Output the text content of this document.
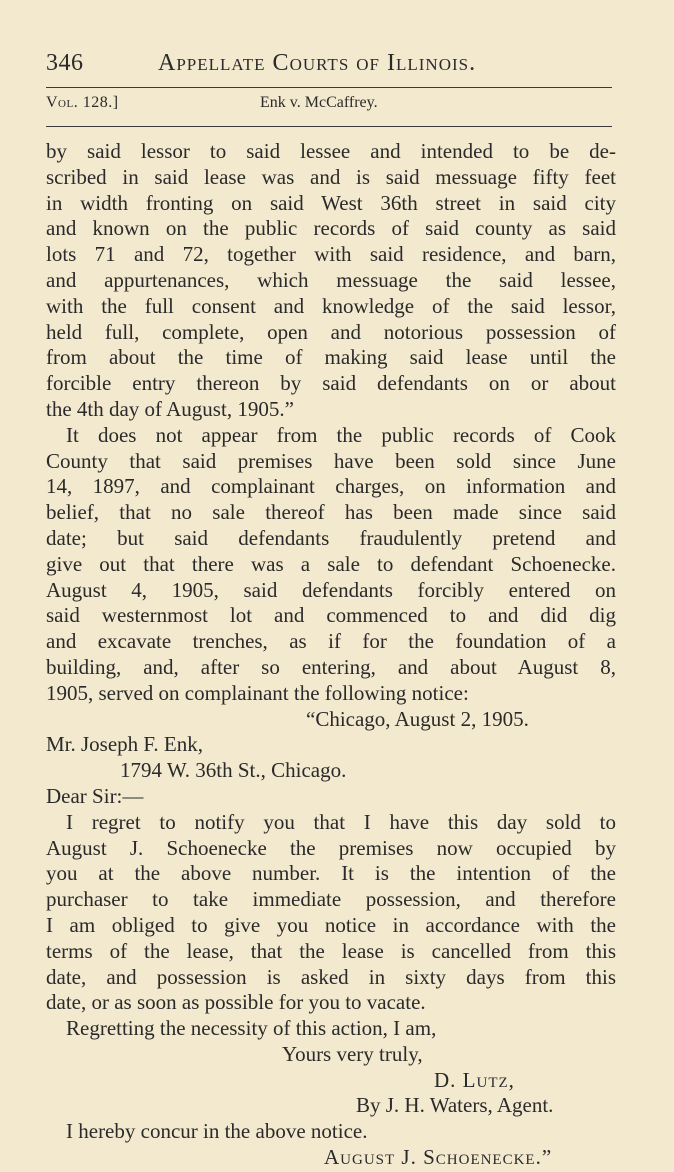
346	Appellate Courts of Illinois.
Vol. 128.]	Enk v. McCaffrey.
by said lessor to said lessee and intended to be de-
scribed in said lease was and is said messuage fifty feet
in width fronting on said West 36th street in said city
and known on the public records of said county as said
lots 71 and 72, together with said residence, and barn,
and appurtenances, which messuage the said lessee,
with the full consent and knowledge of the said lessor,
held full, complete, open and notorious possession of
from about the time of making said lease until the
forcible entry thereon by said defendants on or about
the 4th day of August, 1905.”
It does not appear from the public records of Cook
County that said premises have been sold since June
14, 1897, and complainant charges, on information and
belief, that no sale thereof has been made since said
date; but said defendants fraudulently pretend and
give out that there was a sale to defendant Schoenecke.
August 4, 1905, said defendants forcibly entered on
said westernmost lot and commenced to and did dig
and excavate trenches, as if for the foundation of a
building, and, after so entering, and about August 8,
1905, served on complainant the following notice:
“Chicago, August 2, 1905.
Mr. Joseph F. Enk,
1794 W. 36th St., Chicago.
Dear Sir:—
I regret to notify you that I have this day sold to
August J. Schoenecke the premises now occupied by
you at the above number. It is the intention of the
purchaser to take immediate possession, and therefore
I am obliged to give you notice in accordance with the
terms of the lease, that the lease is cancelled from this
date, and possession is asked in sixty days from this
date, or as soon as possible for you to vacate.
Regretting the necessity of this action, I am,
Yours very truly,
D. Lutz,
By J. H. Waters, Agent.
I hereby concur in the above notice.
August J. Schoenecke.”
